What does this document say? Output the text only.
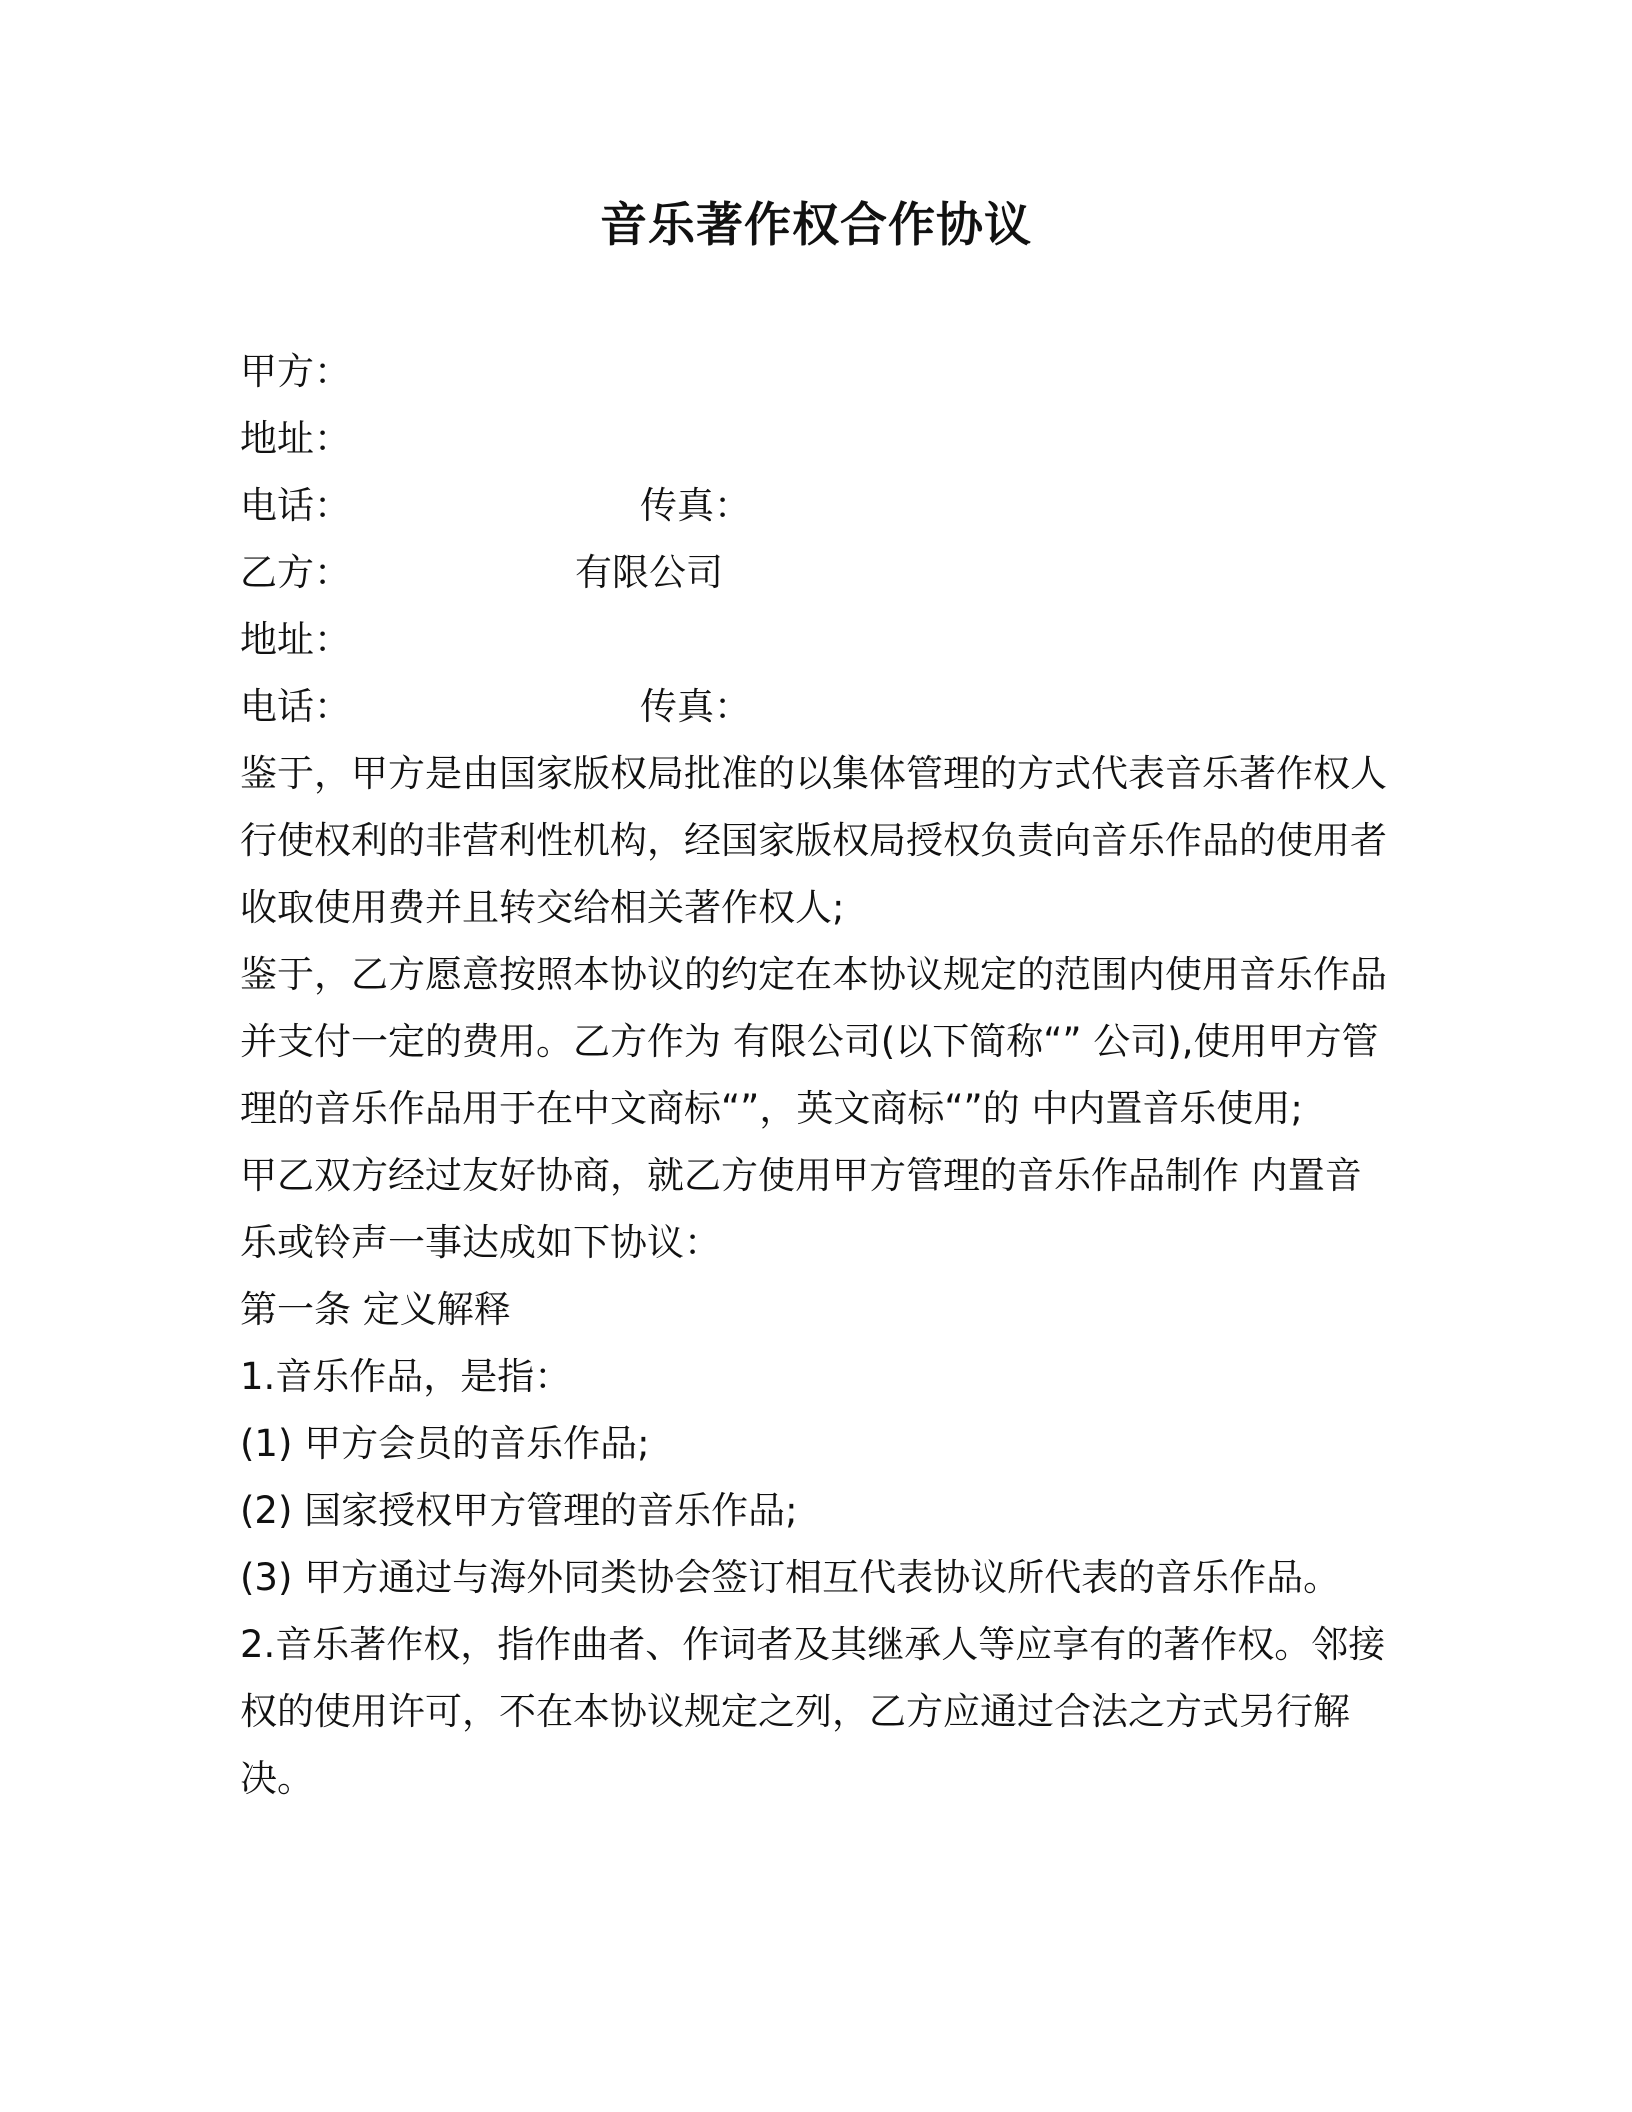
音乐著作权合作协议
甲方：
地址：
电话：	传真：
乙方：	有限公司
地址：
电话：	传真：
鉴于，甲方是由国家版权局批准的以集体管理的方式代表音乐著作权人行使权利的非营利性机构，经国家版权局授权负责向音乐作品的使用者收取使用费并且转交给相关著作权人;
鉴于，乙方愿意按照本协议的约定在本协议规定的范围内使用音乐作品并支付一定的费用。乙方作为 有限公司(以下简称“” 公司),使用甲方管理的音乐作品用于在中文商标“”，英文商标“”的 中内置音乐使用;
甲乙双方经过友好协商，就乙方使用甲方管理的音乐作品制作 内置音乐或铃声一事达成如下协议：
第一条 定义解释
1.音乐作品，是指：
(1) 甲方会员的音乐作品;
(2) 国家授权甲方管理的音乐作品;
(3) 甲方通过与海外同类协会签订相互代表协议所代表的音乐作品。
2.音乐著作权，指作曲者、作词者及其继承人等应享有的著作权。邻接权的使用许可，不在本协议规定之列，乙方应通过合法之方式另行解决。
